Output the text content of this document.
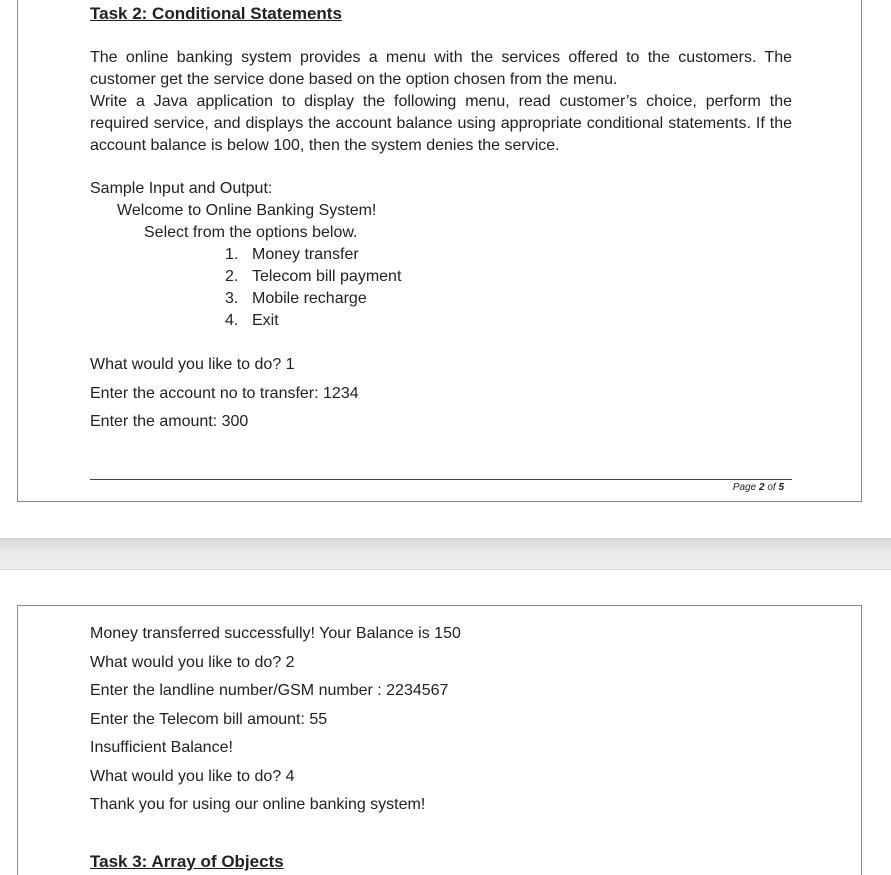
Task 2: Conditional Statements

The online banking system provides a menu with the services offered to the customers. The customer get the service done based on the option chosen from the menu.

Write a Java application to display the following menu, read customer’s choice, perform the required service, and displays the account balance using appropriate conditional statements. If the account balance is below 100, then the system denies the service.

Sample Input and Output:

Welcome to Online Banking System!

Select from the options below.

1. Money transfer
2. Telecom bill payment
3. Mobile recharge
4. Exit

What would you like to do? 1

Enter the account no to transfer: 1234

Enter the amount: 300

Page 2 of 5

Money transferred successfully! Your Balance is 150

What would you like to do? 2

Enter the landline number/GSM number : 2234567

Enter the Telecom bill amount: 55

Insufficient Balance!

What would you like to do? 4

Thank you for using our online banking system!

Task 3: Array of Objects
